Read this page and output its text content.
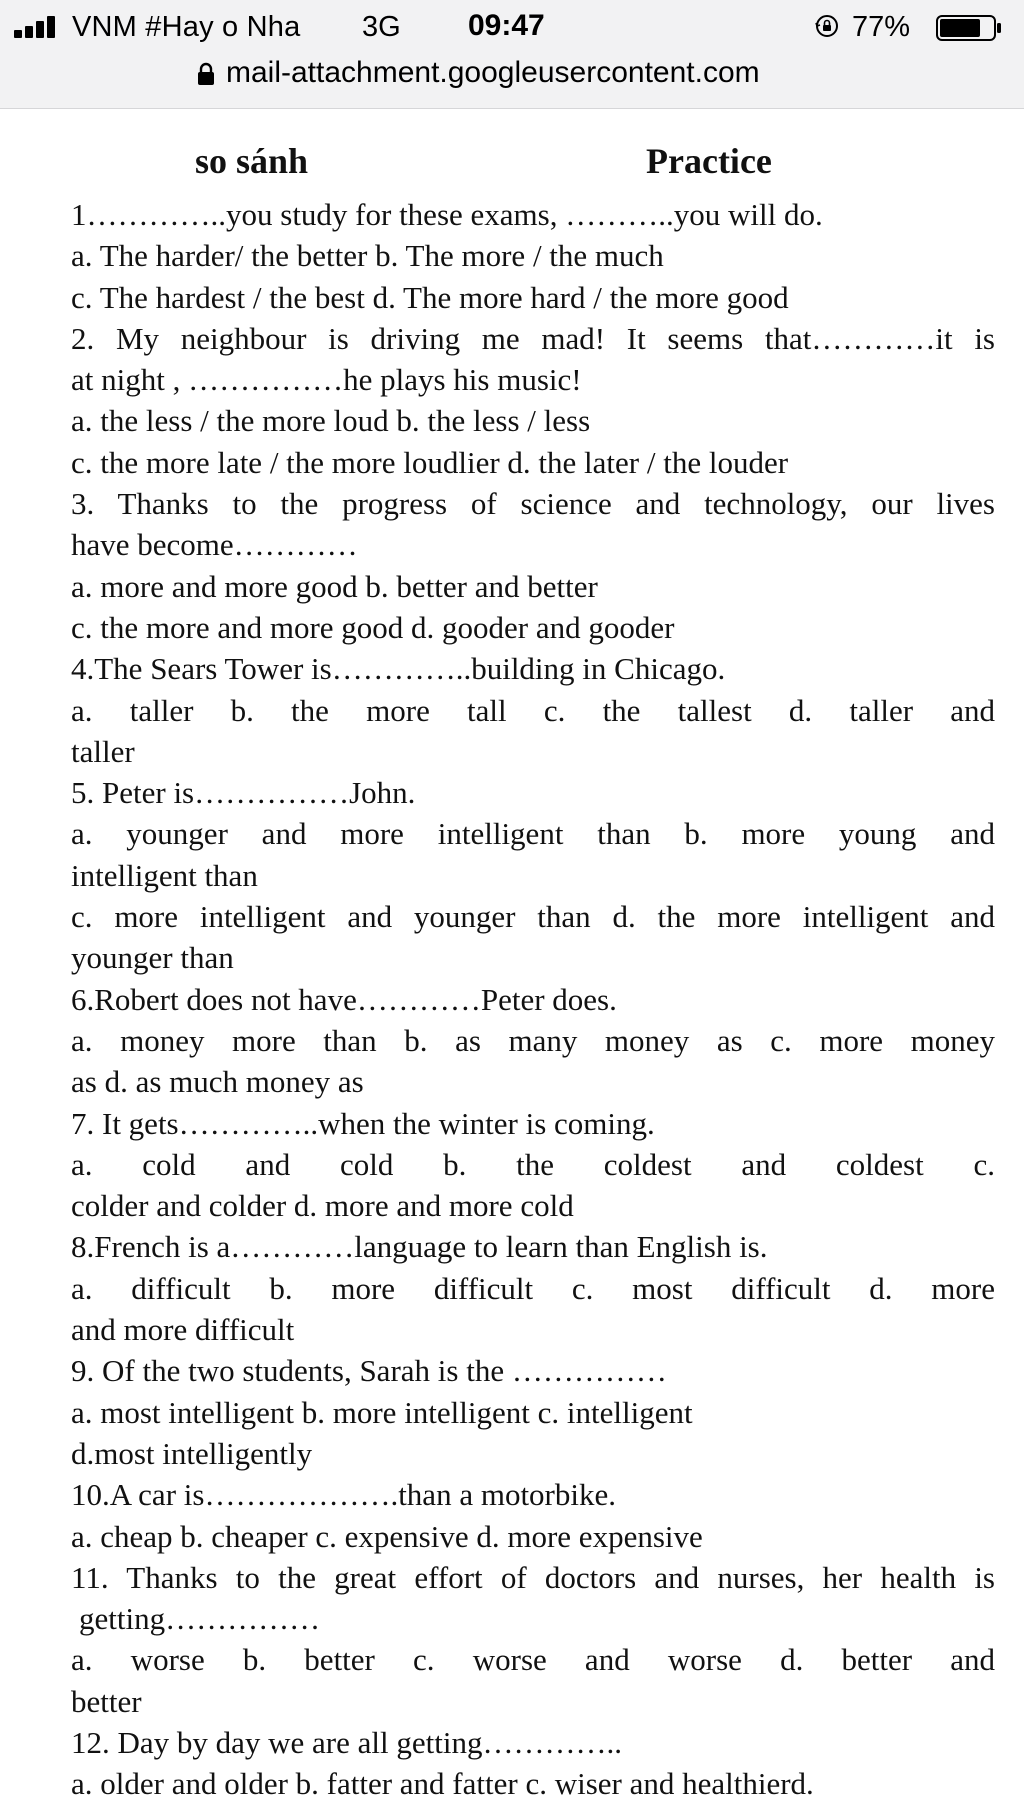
VNM #Hay o Nha 3G 09:47	77%
mail-attachment.googleusercontent.com
so sánh	Practice
1…………..you study for these exams, ………..you will do.
a. The harder/ the better b. The more / the much
c. The hardest / the best d. The more hard / the more good
2. My neighbour is driving me mad! It seems that…………it is
at night , ……………he plays his music!
a. the less / the more loud b. the less / less
c. the more late / the more loudlier d. the later / the louder
3. Thanks to the progress of science and technology, our lives
have become…………
a. more and more good b. better and better
c. the more and more good d. gooder and gooder
4.The Sears Tower is…………..building in Chicago.
a. taller b. the more tall c. the tallest d. taller and
taller
5. Peter is……………John.
a. younger and more intelligent than b. more young and
intelligent than
c. more intelligent and younger than d. the more intelligent and
younger than
6.Robert does not have…………Peter does.
a. money more than b. as many money as c. more money
as d. as much money as
7. It gets…………..when the winter is coming.
a. cold and cold b. the coldest and coldest c.
colder and colder d. more and more cold
8.French is a…………language to learn than English is.
a. difficult b. more difficult c. most difficult d. more
and more difficult
9. Of the two students, Sarah is the ……………
a. most intelligent b. more intelligent c. intelligent
d.most intelligently
10.A car is……………….than a motorbike.
a. cheap b. cheaper c. expensive d. more expensive
11. Thanks to the great effort of doctors and nurses, her health is
getting……………
a. worse b. better c. worse and worse d. better and
better
12. Day by day we are all getting…………..
a. older and older b. fatter and fatter c. wiser and healthierd.
